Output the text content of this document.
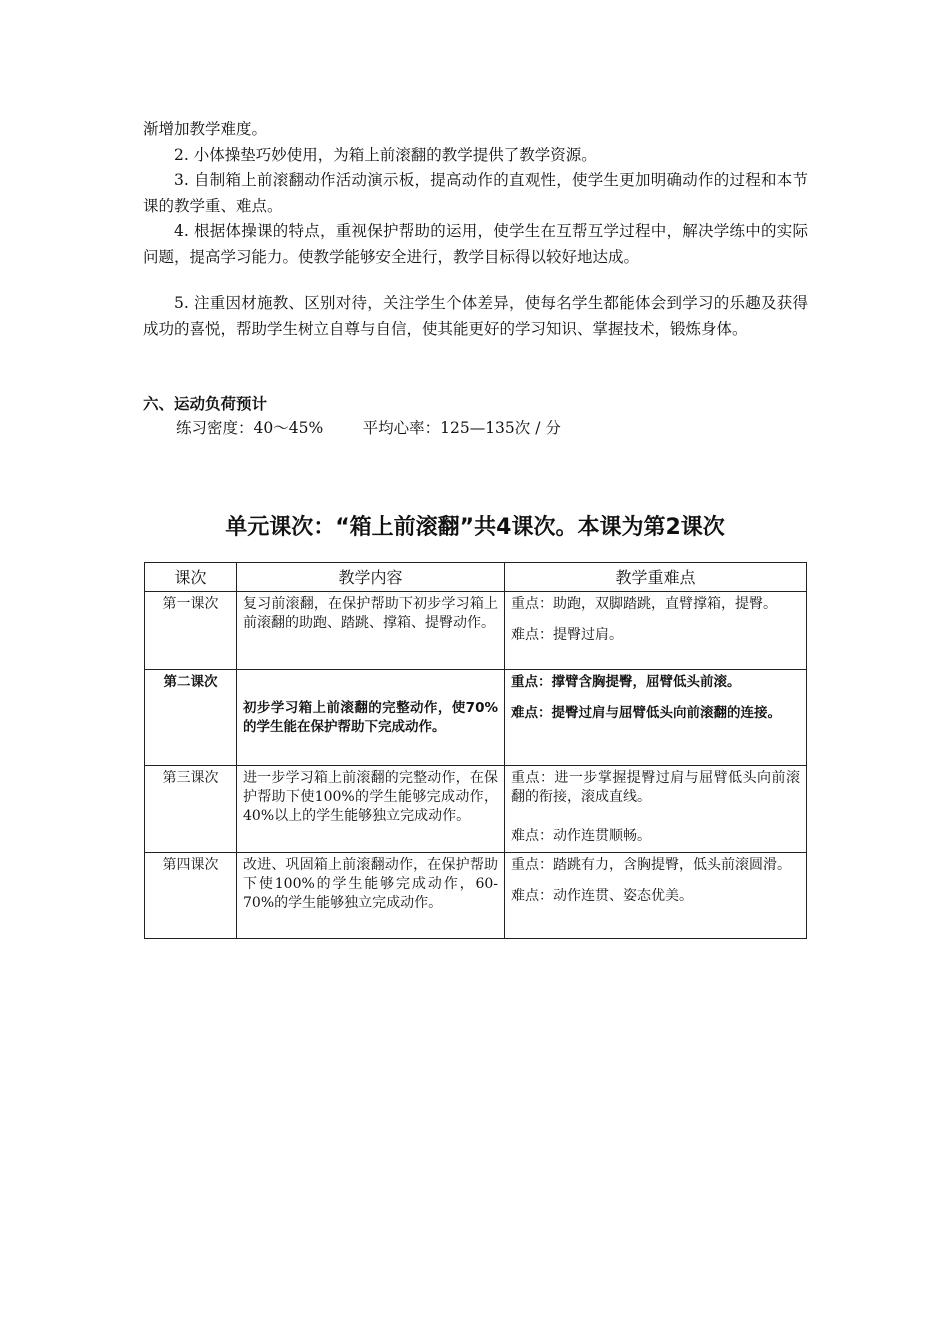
渐增加教学难度。

2. 小体操垫巧妙使用，为箱上前滚翻的教学提供了教学资源。

3. 自制箱上前滚翻动作活动演示板，提高动作的直观性，使学生更加明确动作的过程和本节课的教学重、难点。

4. 根据体操课的特点，重视保护帮助的运用，使学生在互帮互学过程中，解决学练中的实际问题，提高学习能力。使教学能够安全进行，教学目标得以较好地达成。

5. 注重因材施教、区别对待，关注学生个体差异，使每名学生都能体会到学习的乐趣及获得成功的喜悦，帮助学生树立自尊与自信，使其能更好的学习知识、掌握技术，锻炼身体。

六、运动负荷预计

练习密度：40～45%	平均心率：125—135次 / 分

单元课次：“箱上前滚翻”共4课次。本课为第2课次
课次	教学内容	教学重难点
第一课次	复习前滚翻，在保护帮助下初步学习箱上前滚翻的助跑、踏跳、撑箱、提臀动作。	重点：助跑，双脚踏跳，直臂撑箱，提臀。
难点：提臀过肩。

第二课次	初步学习箱上前滚翻的完整动作，使70%的学生能在保护帮助下完成动作。	重点：撑臂含胸提臀，屈臂低头前滚。
难点：提臀过肩与屈臂低头向前滚翻的连接。

第三课次	进一步学习箱上前滚翻的完整动作，在保护帮助下使100%的学生能够完成动作，40%以上的学生能够独立完成动作。	重点：进一步掌握提臀过肩与屈臂低头向前滚翻的衔接，滚成直线。
难点：动作连贯顺畅。

第四课次	改进、巩固箱上前滚翻动作，在保护帮助下使100%的学生能够完成动作，60-70%的学生能够独立完成动作。	重点：踏跳有力，含胸提臀，低头前滚圆滑。
难点：动作连贯、姿态优美。
